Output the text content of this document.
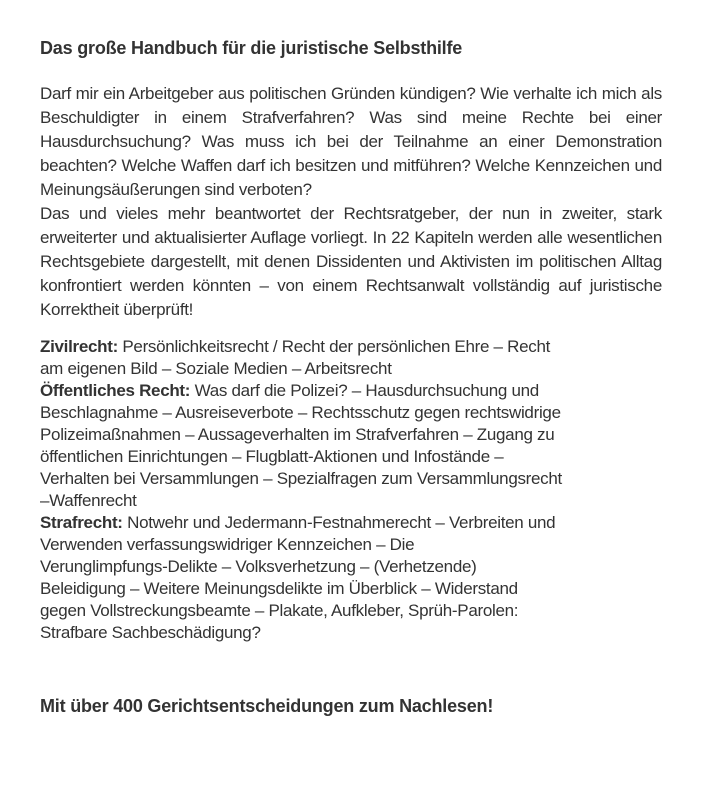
Das große Handbuch für die juristische Selbsthilfe

Darf mir ein Arbeitgeber aus politischen Gründen kündigen? Wie verhalte ich mich als Beschuldigter in einem Strafverfahren? Was sind meine Rechte bei einer Hausdurchsuchung? Was muss ich bei der Teilnahme an einer Demonstration beachten? Welche Waffen darf ich besitzen und mitführen? Welche Kennzeichen und Meinungsäußerungen sind verboten?

Das und vieles mehr beantwortet der Rechtsratgeber, der nun in zweiter, stark erweiterter und aktualisierter Auflage vorliegt. In 22 Kapiteln werden alle wesentlichen Rechtsgebiete dargestellt, mit denen Dissidenten und Aktivisten im politischen Alltag konfrontiert werden könnten – von einem Rechtsanwalt vollständig auf juristische Korrektheit überprüft!

Zivilrecht: Persönlichkeitsrecht / Recht der persönlichen Ehre – Recht
am eigenen Bild – Soziale Medien – Arbeitsrecht

Öffentliches Recht: Was darf die Polizei? – Hausdurchsuchung und
Beschlagnahme – Ausreiseverbote – Rechtsschutz gegen rechtswidrige
Polizeimaßnahmen – Aussageverhalten im Strafverfahren – Zugang zu
öffentlichen Einrichtungen – Flugblatt-Aktionen und Infostände –
Verhalten bei Versammlungen – Spezialfragen zum Versammlungsrecht
–Waffenrecht

Strafrecht: Notwehr und Jedermann-Festnahmerecht – Verbreiten und
Verwenden verfassungswidriger Kennzeichen – Die
Verunglimpfungs-Delikte – Volksverhetzung – (Verhetzende)
Beleidigung – Weitere Meinungsdelikte im Überblick – Widerstand
gegen Vollstreckungsbeamte – Plakate, Aufkleber, Sprüh-Parolen:
Strafbare Sachbeschädigung?

Mit über 400 Gerichtsentscheidungen zum Nachlesen!
